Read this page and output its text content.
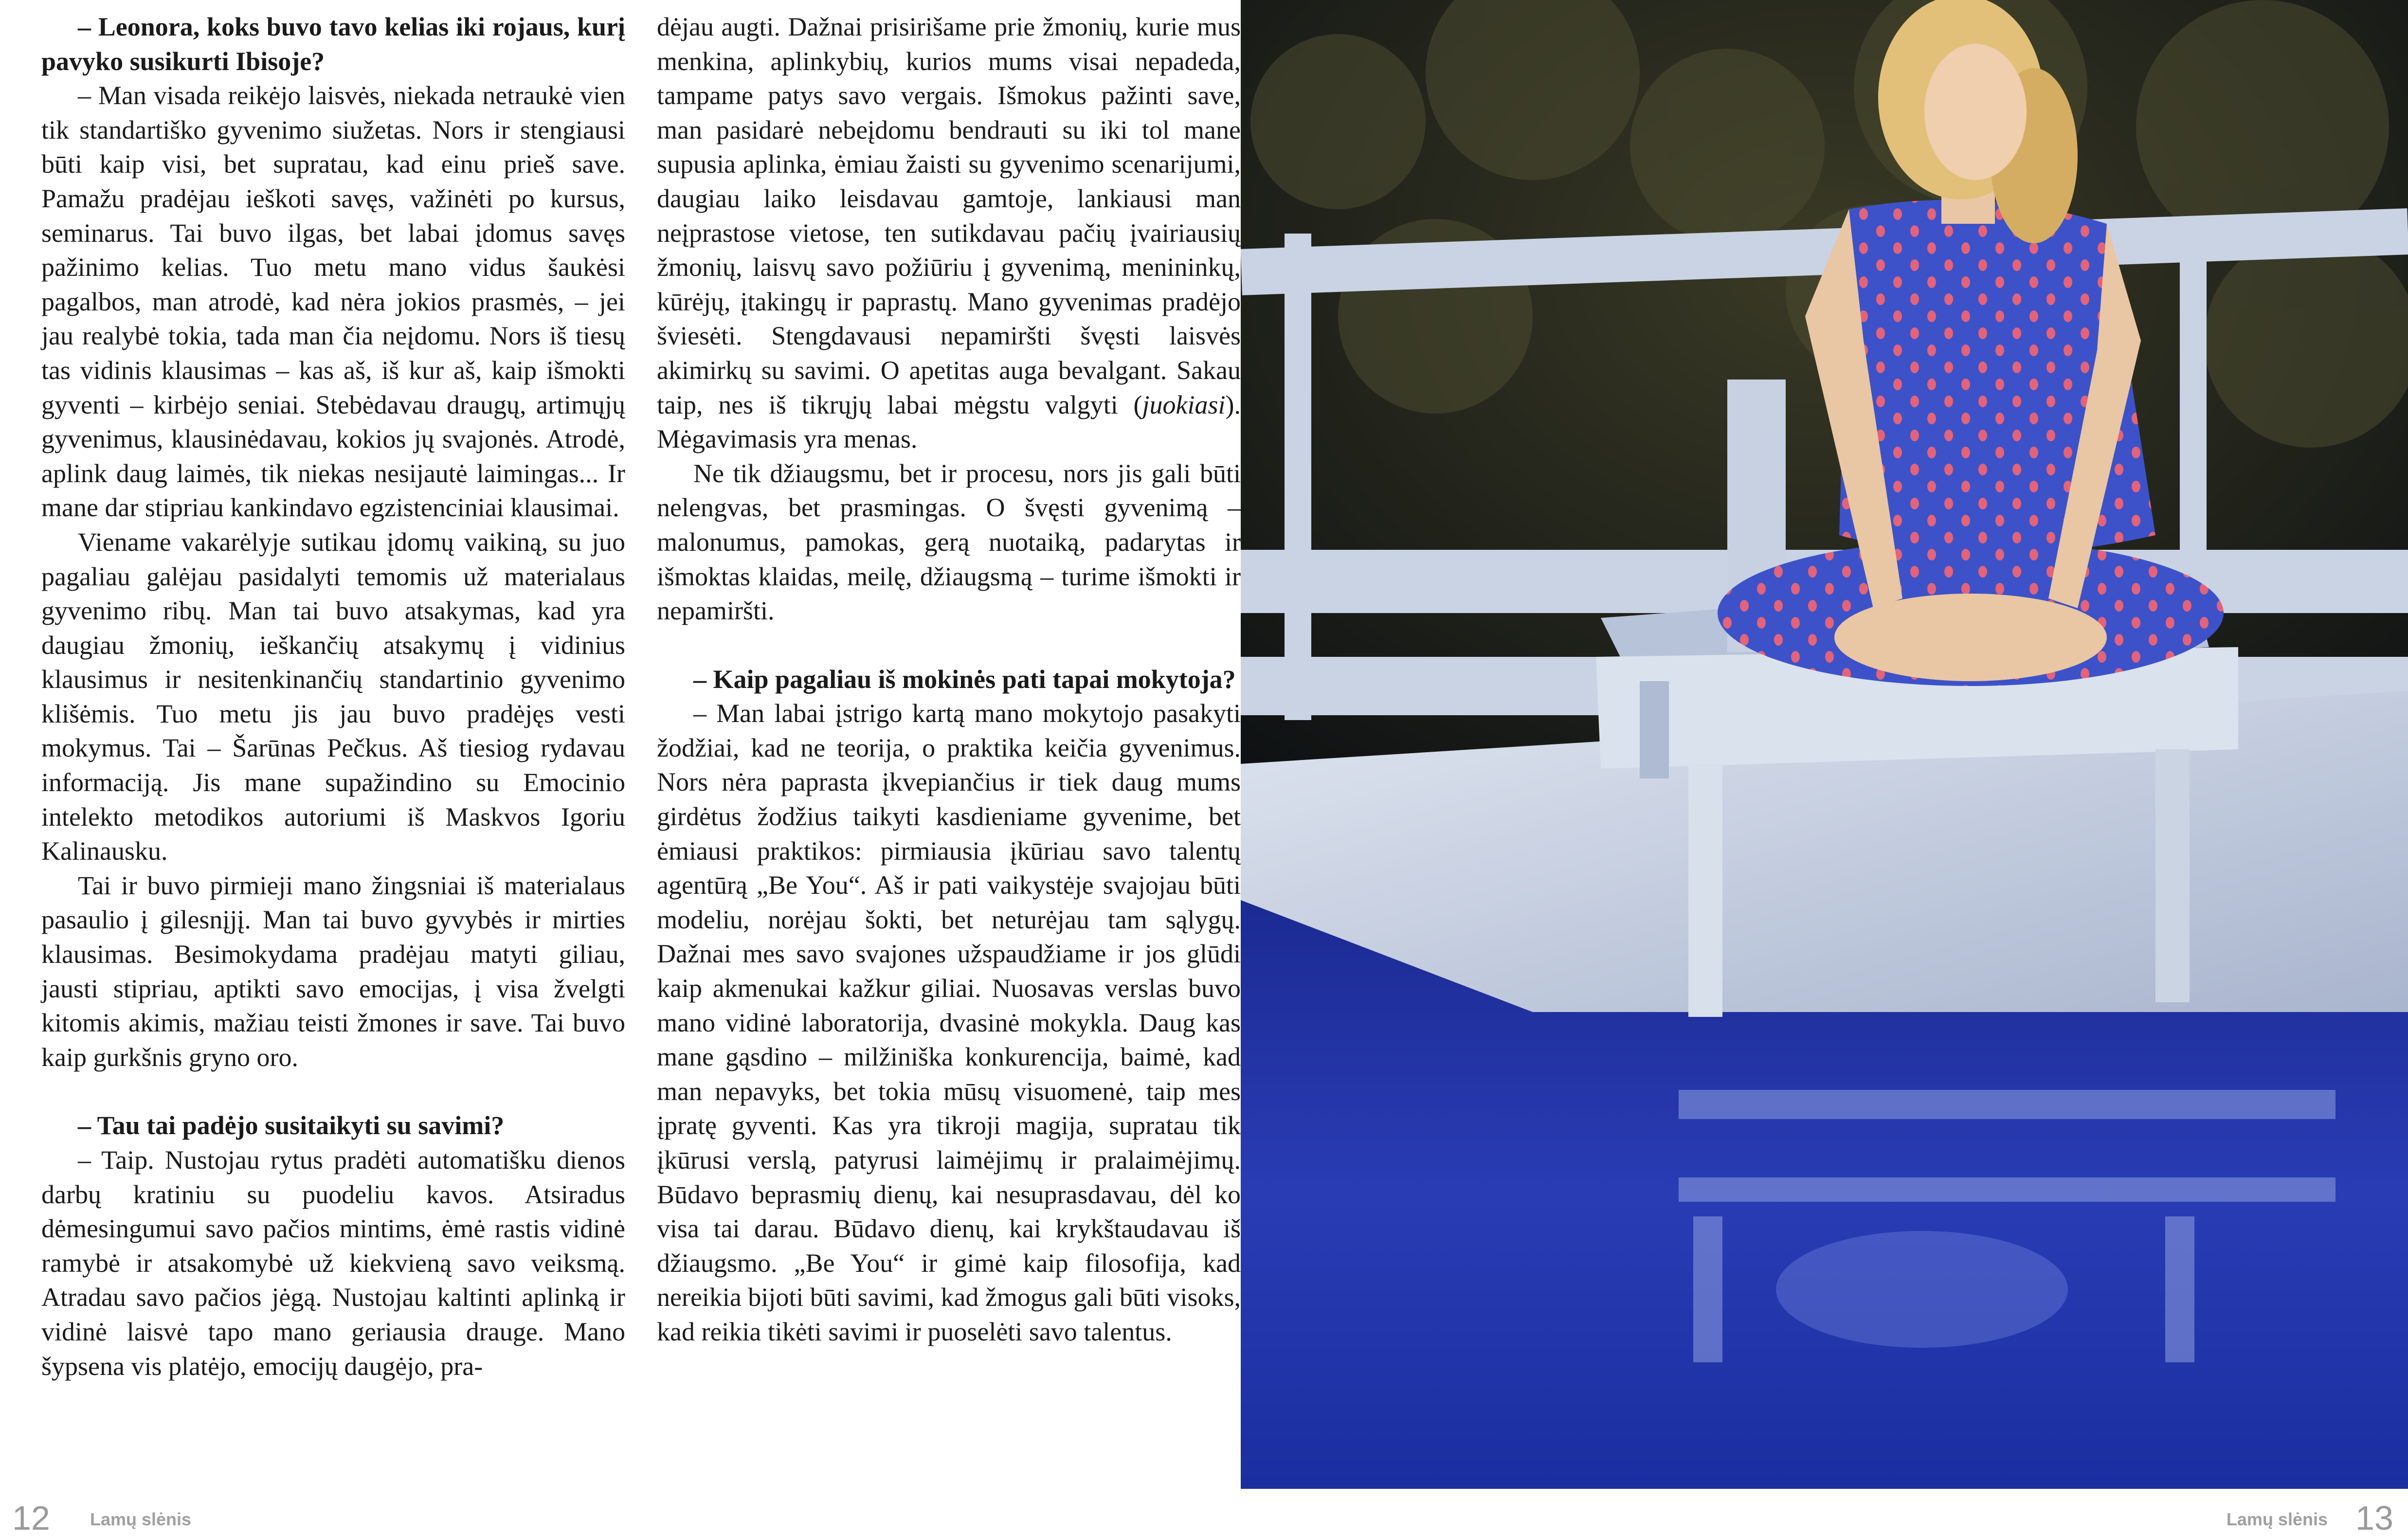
– Leonora, koks buvo tavo kelias iki rojaus, kurį pavyko susikurti Ibisoje?

– Man visada reikėjo laisvės, niekada netraukė vien tik standartiško gyvenimo siužetas. Nors ir stengiausi būti kaip visi, bet supratau, kad einu prieš save. Pamažu pradėjau ieškoti savęs, važinėti po kursus, seminarus. Tai buvo ilgas, bet labai įdomus savęs pažinimo kelias. Tuo metu mano vidus šaukėsi pagalbos, man atrodė, kad nėra jokios prasmės, – jei jau realybė tokia, tada man čia neįdomu. Nors iš tiesų tas vidinis klausimas – kas aš, iš kur aš, kaip išmokti gyventi – kirbėjo seniai. Stebėdavau draugų, artimųjų gyvenimus, klausinėdavau, kokios jų svajonės. Atrodė, aplink daug laimės, tik niekas nesijautė laimingas... Ir mane dar stipriau kankindavo egzistenciniai klausimai.

Viename vakarėlyje sutikau įdomų vaikiną, su juo pagaliau galėjau pasidalyti temomis už materialaus gyvenimo ribų. Man tai buvo atsakymas, kad yra daugiau žmonių, ieškančių atsakymų į vidinius klausimus ir nesitenkinančių standartinio gyvenimo klišėmis. Tuo metu jis jau buvo pradėjęs vesti mokymus. Tai – Šarūnas Pečkus. Aš tiesiog rydavau informaciją. Jis mane supažindino su Emocinio intelekto metodikos autoriumi iš Maskvos Igoriu Kalinausku.

Tai ir buvo pirmieji mano žingsniai iš materialaus pasaulio į gilesnįjį. Man tai buvo gyvybės ir mirties klausimas. Besimokydama pradėjau matyti giliau, jausti stipriau, aptikti savo emocijas, į visa žvelgti kitomis akimis, mažiau teisti žmones ir save. Tai buvo kaip gurkšnis gryno oro.

– Tau tai padėjo susitaikyti su savimi?

– Taip. Nustojau rytus pradėti automatišku dienos darbų kratiniu su puodeliu kavos. Atsiradus dėmesingumui savo pačios mintims, ėmė rastis vidinė ramybė ir atsakomybė už kiekvieną savo veiksmą. Atradau savo pačios jėgą. Nustojau kaltinti aplinką ir vidinė laisvė tapo mano geriausia drauge. Mano šypsena vis platėjo, emocijų daugėjo, pra-

dėjau augti. Dažnai prisirišame prie žmonių, kurie mus menkina, aplinkybių, kurios mums visai nepadeda, tampame patys savo vergais. Išmokus pažinti save, man pasidarė nebeįdomu bendrauti su iki tol mane supusia aplinka, ėmiau žaisti su gyvenimo scenarijumi, daugiau laiko leisdavau gamtoje, lankiausi man neįprastose vietose, ten sutikdavau pačių įvairiausių žmonių, laisvų savo požiūriu į gyvenimą, menininkų, kūrėjų, įtakingų ir paprastų. Mano gyvenimas pradėjo šviesėti. Stengdavausi nepamiršti švęsti laisvės akimirkų su savimi. O apetitas auga bevalgant. Sakau taip, nes iš tikrųjų labai mėgstu valgyti (juokiasi). Mėgavimasis yra menas.

Ne tik džiaugsmu, bet ir procesu, nors jis gali būti nelengvas, bet prasmingas. O švęsti gyvenimą – malonumus, pamokas, gerą nuotaiką, padarytas ir išmoktas klaidas, meilę, džiaugsmą – turime išmokti ir nepamiršti.

– Kaip pagaliau iš mokinės pati tapai mokytoja?

– Man labai įstrigo kartą mano mokytojo pasakyti žodžiai, kad ne teorija, o praktika keičia gyvenimus. Nors nėra paprasta įkvepiančius ir tiek daug mums girdėtus žodžius taikyti kasdieniame gyvenime, bet ėmiausi praktikos: pirmiausia įkūriau savo talentų agentūrą „Be You“. Aš ir pati vaikystėje svajojau būti modeliu, norėjau šokti, bet neturėjau tam sąlygų. Dažnai mes savo svajones užspaudžiame ir jos glūdi kaip akmenukai kažkur giliai. Nuosavas verslas buvo mano vidinė laboratorija, dvasinė mokykla. Daug kas mane gąsdino – milžiniška konkurencija, baimė, kad man nepavyks, bet tokia mūsų visuomenė, taip mes įpratę gyventi. Kas yra tikroji magija, supratau tik įkūrusi verslą, patyrusi laimėjimų ir pralaimėjimų. Būdavo beprasmių dienų, kai nesuprasdavau, dėl ko visa tai darau. Būdavo dienų, kai krykštaudavau iš džiaugsmo. „Be You“ ir gimė kaip filosofija, kad nereikia bijoti būti savimi, kad žmogus gali būti visoks, kad reikia tikėti savimi ir puoselėti savo talentus.

12 Lamų slėnis	Lamų slėnis 13
